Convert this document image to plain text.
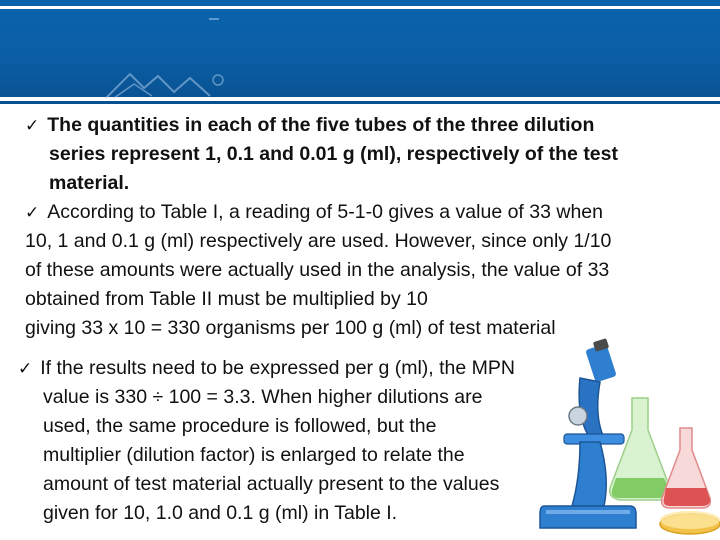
✓ The quantities in each of the five tubes of the three dilution
series represent 1, 0.1 and 0.01 g (ml), respectively of the test
material.
✓ According to Table I, a reading of 5-1-0 gives a value of 33 when
10, 1 and 0.1 g (ml) respectively are used. However, since only 1/10
of these amounts were actually used in the analysis, the value of 33
obtained from Table II must be multiplied by 10
giving 33 x 10 = 330 organisms per 100 g (ml) of test material
✓ If the results need to be expressed per g (ml), the MPN
value is 330 ÷ 100 = 3.3. When higher dilutions are
used, the same procedure is followed, but the
multiplier (dilution factor) is enlarged to relate the
amount of test material actually present to the values
given for 10, 1.0 and 0.1 g (ml) in Table I.
